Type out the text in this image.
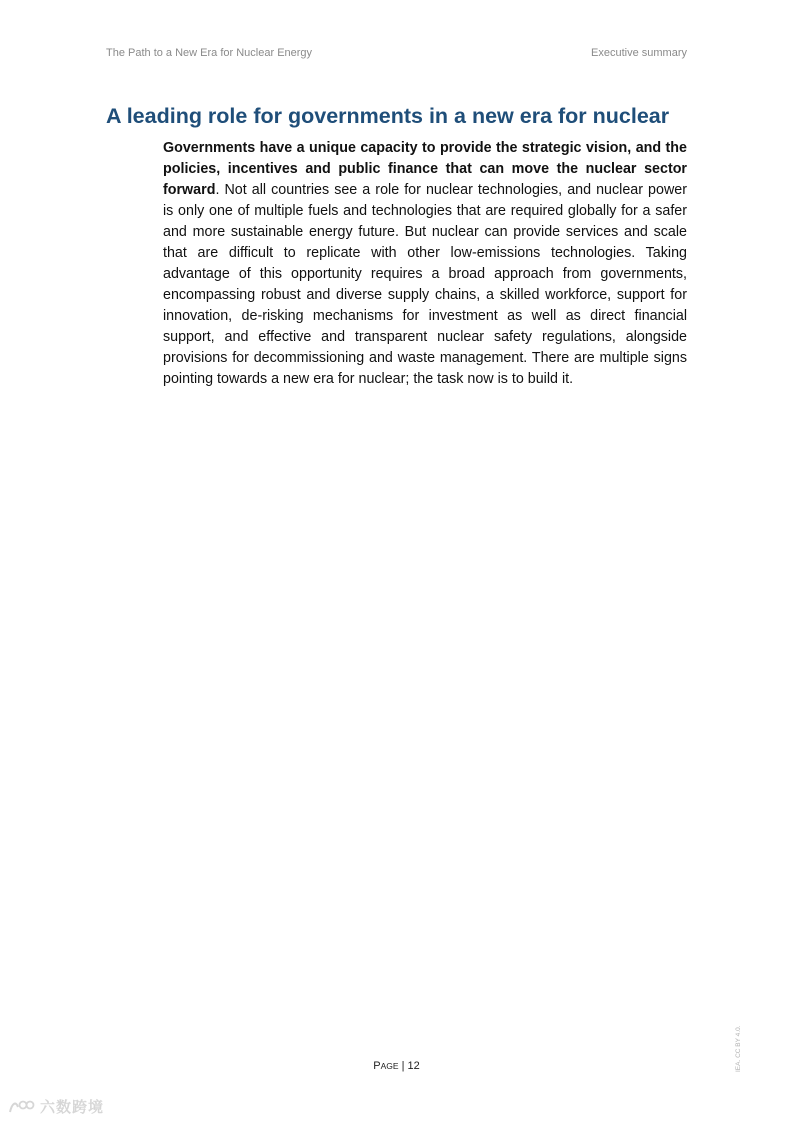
The Path to a New Era for Nuclear Energy	Executive summary
A leading role for governments in a new era for nuclear

Governments have a unique capacity to provide the strategic vision, and the policies, incentives and public finance that can move the nuclear sector forward. Not all countries see a role for nuclear technologies, and nuclear power is only one of multiple fuels and technologies that are required globally for a safer and more sustainable energy future. But nuclear can provide services and scale that are difficult to replicate with other low-emissions technologies. Taking advantage of this opportunity requires a broad approach from governments, encompassing robust and diverse supply chains, a skilled workforce, support for innovation, de-risking mechanisms for investment as well as direct financial support, and effective and transparent nuclear safety regulations, alongside provisions for decommissioning and waste management. There are multiple signs pointing towards a new era for nuclear; the task now is to build it.

PAGE | 12	IEA. CC BY 4.0.
六数跨境
